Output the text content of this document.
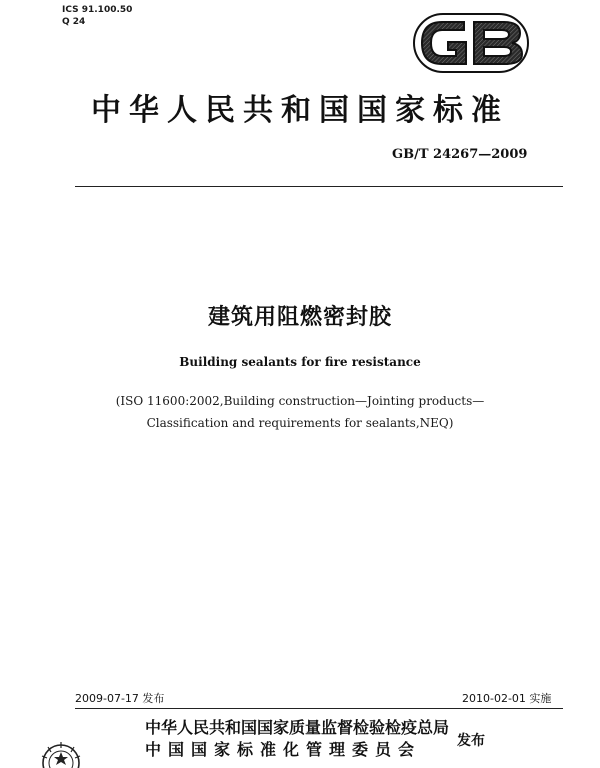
ICS 91.100.50
Q 24
中华人民共和国国家标准
GB/T 24267—2009
建筑用阻燃密封胶
Building sealants for fire resistance
(ISO 11600:2002,Building construction—Jointing products—
Classification and requirements for sealants,NEQ)
2009-07-17 发布	2010-02-01 实施
中华人民共和国国家质量监督检验检疫总局
中国国家标准化管理委员会	发布
